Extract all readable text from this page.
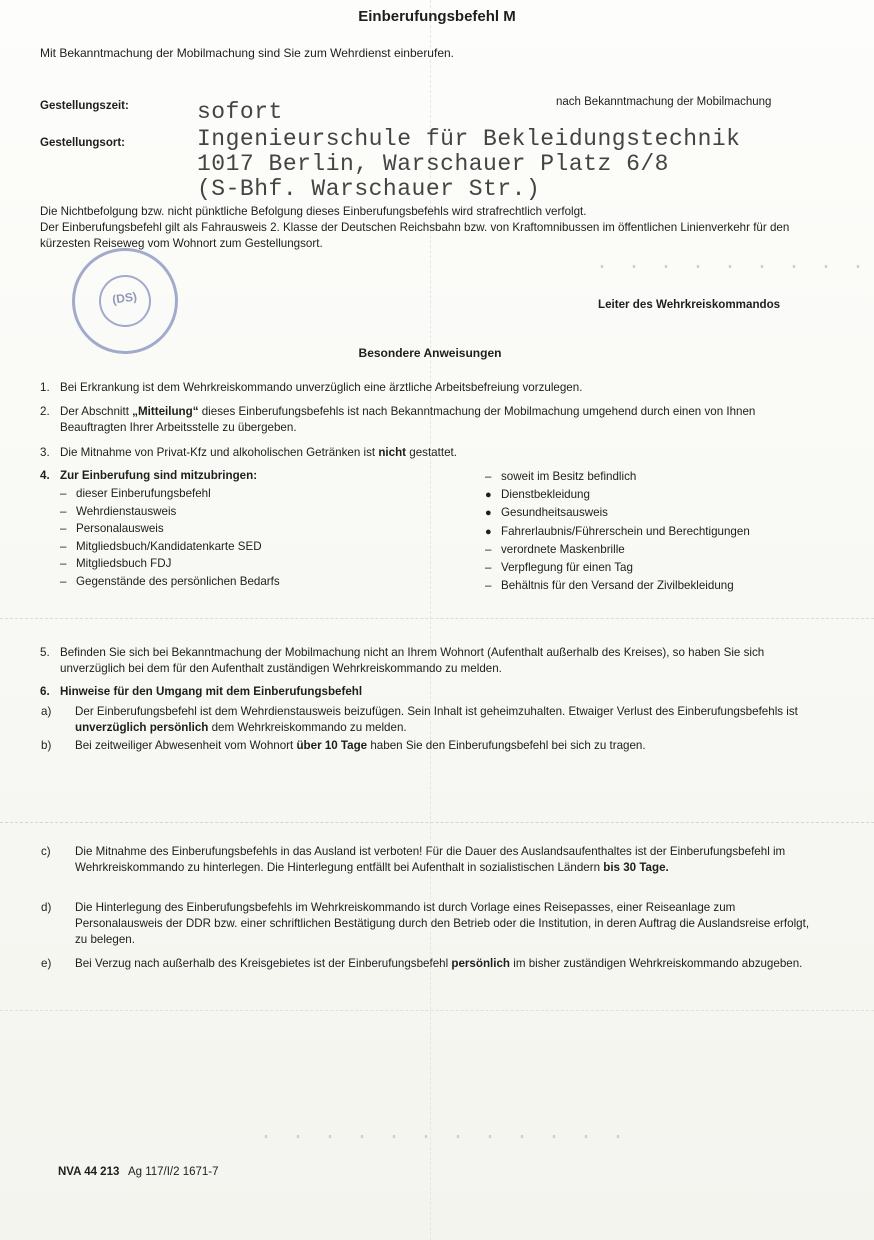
Einberufungsbefehl M
Mit Bekanntmachung der Mobilmachung sind Sie zum Wehrdienst einberufen.
Gestellungszeit:	sofort	nach Bekanntmachung der Mobilmachung
Gestellungsort:	Ingenieurschule für Bekleidungstechnik
1017 Berlin, Warschauer Platz 6/8
(S-Bhf. Warschauer Str.)
Die Nichtbefolgung bzw. nicht pünktliche Befolgung dieses Einberufungsbefehls wird strafrechtlich verfolgt.
Der Einberufungsbefehl gilt als Fahrausweis 2. Klasse der Deutschen Reichsbahn bzw. von Kraftomnibussen im öffentlichen Linienverkehr für den kürzesten Reiseweg vom Wohnort zum Gestellungsort.
(DS)	Leiter des Wehrkreiskommandos
· · · · · · · · ·
· · · · · · · · · · · ·
Besondere Anweisungen
1. Bei Erkrankung ist dem Wehrkreiskommando unverzüglich eine ärztliche Arbeitsbefreiung vorzulegen.
2. Der Abschnitt „Mitteilung“ dieses Einberufungsbefehls ist nach Bekanntmachung der Mobilmachung umgehend durch einen von Ihnen Beauftragten Ihrer Arbeitsstelle zu übergeben.
3. Die Mitnahme von Privat-Kfz und alkoholischen Getränken ist nicht gestattet.
4. Zur Einberufung sind mitzubringen:
– dieser Einberufungsbefehl
– Wehrdienstausweis
– Personalausweis
– Mitgliedsbuch/Kandidatenkarte SED
– Mitgliedsbuch FDJ
– Gegenstände des persönlichen Bedarfs
– soweit im Besitz befindlich
● Dienstbekleidung
● Gesundheitsausweis
● Fahrerlaubnis/Führerschein und Berechtigungen
– verordnete Maskenbrille
– Verpflegung für einen Tag
– Behältnis für den Versand der Zivilbekleidung
5. Befinden Sie sich bei Bekanntmachung der Mobilmachung nicht an Ihrem Wohnort (Aufenthalt außerhalb des Kreises), so haben Sie sich unverzüglich bei dem für den Aufenthalt zuständigen Wehrkreiskommando zu melden.
6. Hinweise für den Umgang mit dem Einberufungsbefehl
a) Der Einberufungsbefehl ist dem Wehrdienstausweis beizufügen. Sein Inhalt ist geheimzuhalten. Etwaiger Verlust des Einberufungsbefehls ist unverzüglich persönlich dem Wehrkreiskommando zu melden.
b) Bei zeitweiliger Abwesenheit vom Wohnort über 10 Tage haben Sie den Einberufungsbefehl bei sich zu tragen.
c) Die Mitnahme des Einberufungsbefehls in das Ausland ist verboten! Für die Dauer des Auslandsaufenthaltes ist der Einberufungsbefehl im Wehrkreiskommando zu hinterlegen. Die Hinterlegung entfällt bei Aufenthalt in sozialistischen Ländern bis 30 Tage.
d) Die Hinterlegung des Einberufungsbefehls im Wehrkreiskommando ist durch Vorlage eines Reisepasses, einer Reiseanlage zum Personalausweis der DDR bzw. einer schriftlichen Bestätigung durch den Betrieb oder die Institution, in deren Auftrag die Auslandsreise erfolgt, zu belegen.
e) Bei Verzug nach außerhalb des Kreisgebietes ist der Einberufungsbefehl persönlich im bisher zuständigen Wehrkreiskommando abzugeben.
NVA 44 213 Ag 117/I/2 1671-7
